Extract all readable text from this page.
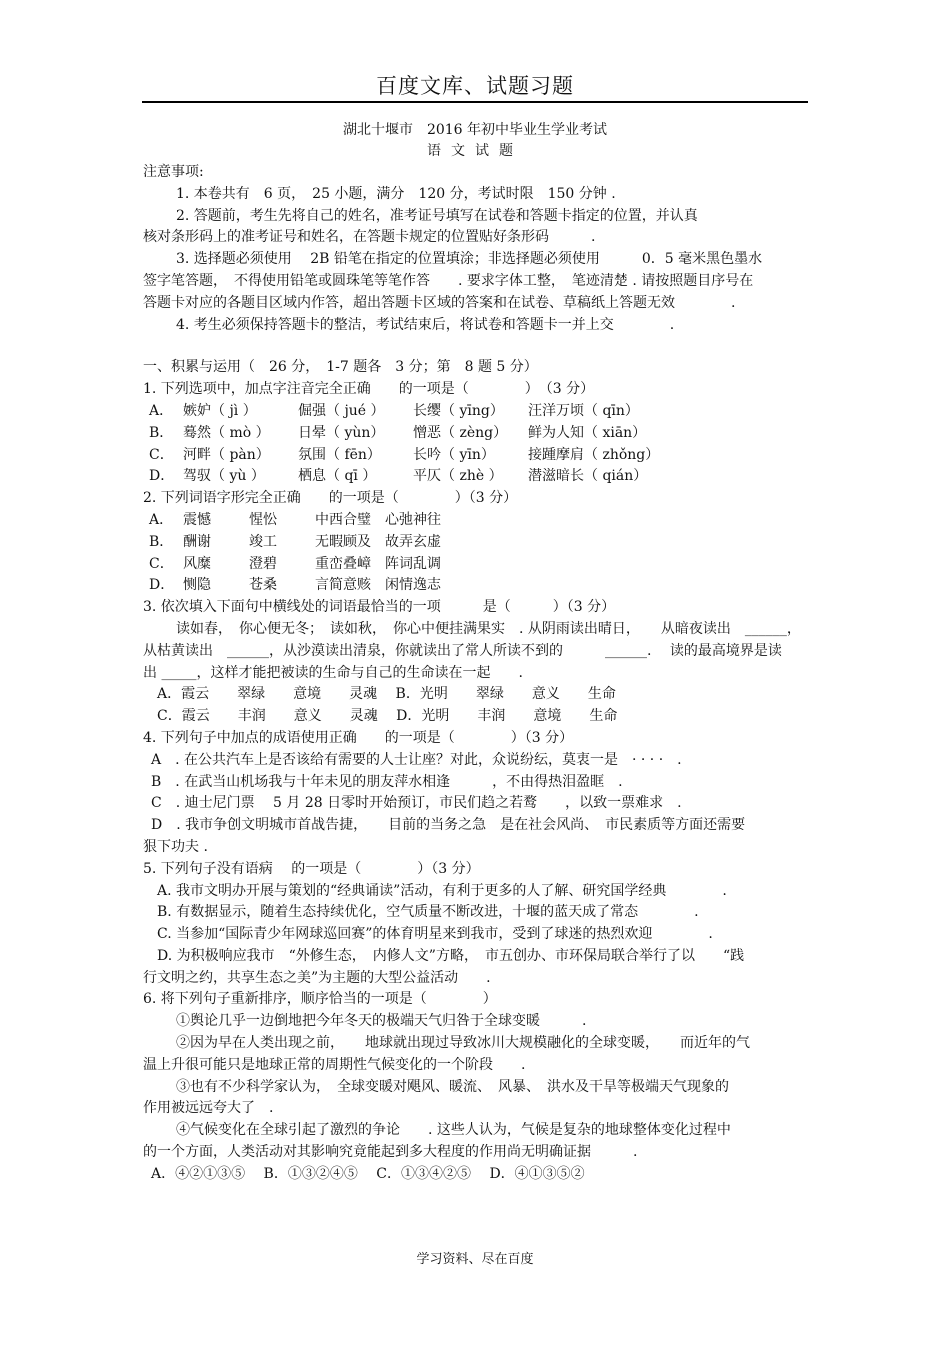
百度文库、试题习题
湖北十堰市　2016 年初中毕业生学业考试
语文试题

注意事项:

1. 本卷共有　6 页，　25 小题，满分　120 分，考试时限　150 分钟 .

2. 答题前，考生先将自己的姓名，准考证号填写在试卷和答题卡指定的位置，并认真

核对条形码上的准考证号和姓名，在答题卡规定的位置贴好条形码　　　.

3. 选择题必须使用　 2B 铅笔在指定的位置填涂；非选择题必须使用　　　0．5 毫米黑色墨水

签字笔答题，　不得使用铅笔或圆珠笔等笔作答　　. 要求字体工整，　笔迹清楚 . 请按照题目序号在

答题卡对应的各题目区域内作答，超出答题卡区域的答案和在试卷、草稿纸上答题无效　　　　.

4. 考生必须保持答题卡的整洁，考试结束后，将试卷和答题卡一并上交　　　　.

一、积累与运用（　26 分，　1-7 题各　3 分；第　8 题 5 分）

1. 下列选项中，加点字注音完全正确　　的一项是（　　　　）　（3 分）

A． 嫉妒（ jì ）	倔强（ jué ）	长缨（ yīng）	汪洋万顷（ qīn）
B． 蓦然（ mò ）	日晕（ yùn）	憎恶（ zèng）	鲜为人知（ xiān）
C． 河畔（ pàn）	氛围（ fēn）	长吟（ yīn）	接踵摩肩（ zhǒng）
D． 驾驭（ yù ）	栖息（ qī ）	平仄（ zhè ）	潜滋暗长（ qián）

2. 下列词语字形完全正确　　的一项是（　　　　）（3 分）

A． 震憾	惺忪	中西合璧	心弛神往
B． 酬谢	竣工	无暇顾及	故弄玄虚
C． 风糜	澄碧	重峦叠嶂	阵词乱调
D． 恻隐	苍桑	言简意赅	闲情逸志

3. 依次填入下面句中横线处的词语最恰当的一项　　　是（　　　）（3 分）

读如春，　你心便无冬；　读如秋，　你心中便挂满果实　. 从阴雨读出晴日，　　从暗夜读出　______，

从枯黄读出　______，从沙漠读出清泉，你就读出了常人所读不到的　　　______.　 读的最高境界是读

出 _____，这样才能把被读的生命与自己的生命读在一起　　.

A．霞云　　翠绿　　意境　　灵魂　 B．光明　　翠绿　　意义　　生命

C．霞云　　丰润　　意义　　灵魂　 D．光明　　丰润　　意境　　生命

4. 下列句子中加点的成语使用正确　　的一项是（　　　　）（3 分）

A　. 在公共汽车上是否该给有需要的人士让座？对此，众说纷纭，莫衷一是　· · · ·　.

B　. 在武当山机场我与十年未见的朋友萍水相逢　　　，不由得热泪盈眶　.

C　. 迪士尼门票　 5 月 28 日零时开始预订，市民们趋之若鹜　　，以致一票难求　.

D　. 我市争创文明城市首战告捷，　　目前的当务之急　是在社会风尚、　市民素质等方面还需要

狠下功夫 .

5. 下列句子没有语病　 的一项是（　　　　）（3 分）

A. 我市文明办开展与策划的“经典诵读”活动，有利于更多的人了解、研究国学经典　　　　.

B. 有数据显示，随着生态持续优化，空气质量不断改进，十堰的蓝天成了常态　　　　.

C. 当参加“国际青少年网球巡回赛”的体育明星来到我市，受到了球迷的热烈欢迎　　　　.

D. 为积极响应我市　“外修生态，　内修人文”方略，　市五创办、市环保局联合举行了以　　“践

行文明之约，共享生态之美”为主题的大型公益活动　　.

6. 将下列句子重新排序，顺序恰当的一项是（　　　　）

①舆论几乎一边倒地把今年冬天的极端天气归咎于全球变暖　　　.

②因为早在人类出现之前，　　地球就出现过导致冰川大规模融化的全球变暖，　　而近年的气

温上升很可能只是地球正常的周期性气候变化的一个阶段　　.

③也有不少科学家认为，　全球变暖对飓风、暖流、　风暴、　洪水及干旱等极端天气现象的

作用被远远夸大了　.

④气候变化在全球引起了激烈的争论　　. 这些人认为，气候是复杂的地球整体变化过程中

的一个方面，人类活动对其影响究竟能起到多大程度的作用尚无明确证据　　　.

A．④②①③⑤　 B．①③②④⑤　 C．①③④②⑤　 D．④①③⑤②

学习资料、尽在百度
